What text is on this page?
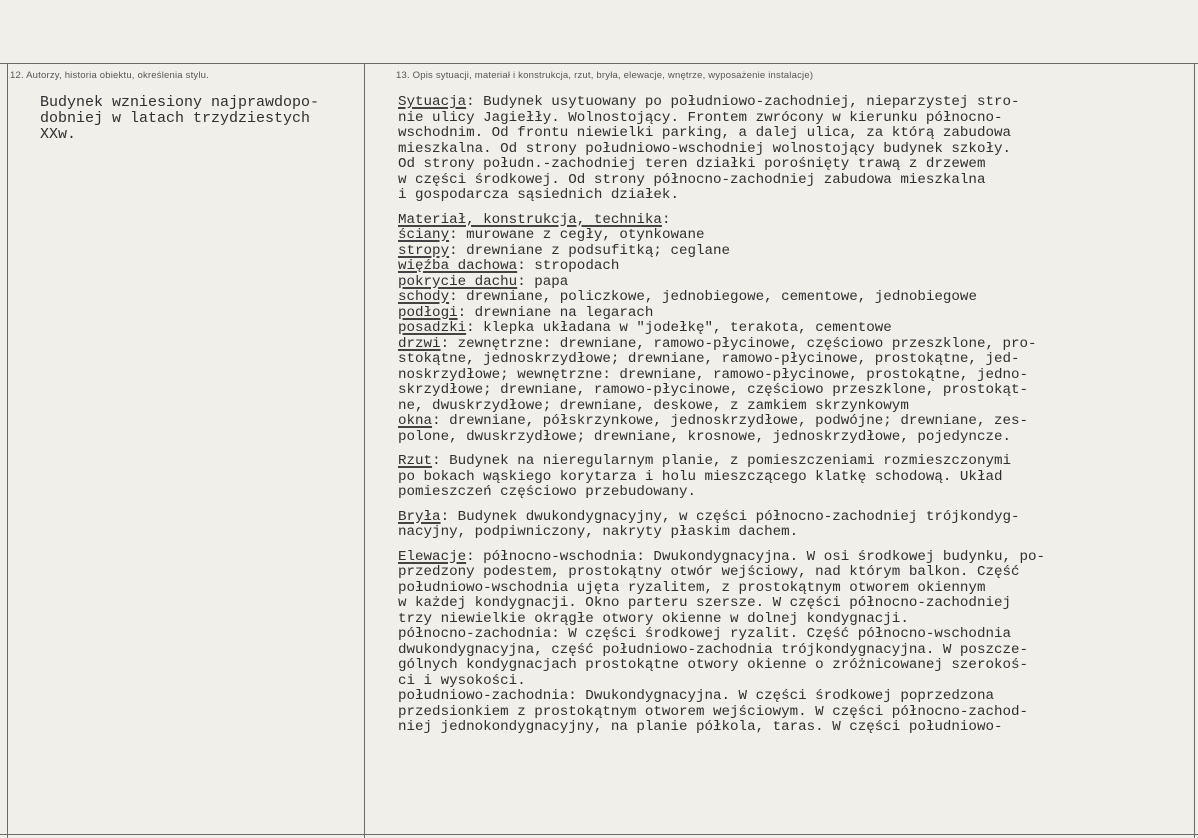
12. Autorzy, historia obiektu, określenia stylu.	13. Opis sytuacji, materiał i konstrukcja, rzut, bryła, elewacje, wnętrze, wyposażenie instalacje)
Budynek wzniesiony najprawdopo-
dobniej w latach trzydziestych
XXw.
Sytuacja: Budynek usytuowany po południowo-zachodniej, nieparzystej stro-
nie ulicy Jagiełły. Wolnostojący. Frontem zwrócony w kierunku północno-
wschodnim. Od frontu niewielki parking, a dalej ulica, za którą zabudowa
mieszkalna. Od strony południowo-wschodniej wolnostojący budynek szkoły.
Od strony połudn.-zachodniej teren działki porośnięty trawą z drzewem
w części środkowej. Od strony północno-zachodniej zabudowa mieszkalna
i gospodarcza sąsiednich działek.
Materiał, konstrukcja, technika:
ściany: murowane z cegły, otynkowane
stropy: drewniane z podsufitką; ceglane
więźba dachowa: stropodach
pokrycie dachu: papa
schody: drewniane, policzkowe, jednobiegowe, cementowe, jednobiegowe
podłogi: drewniane na legarach
posadzki: klepka układana w "jodełkę", terakota, cementowe
drzwi: zewnętrzne: drewniane, ramowo-płycinowe, częściowo przeszklone, pro-
stokątne, jednoskrzydłowe; drewniane, ramowo-płycinowe, prostokątne, jed-
noskrzydłowe; wewnętrzne: drewniane, ramowo-płycinowe, prostokątne, jedno-
skrzydłowe; drewniane, ramowo-płycinowe, częściowo przeszklone, prostokąt-
ne, dwuskrzydłowe; drewniane, deskowe, z zamkiem skrzynkowym
okna: drewniane, półskrzynkowe, jednoskrzydłowe, podwójne; drewniane, zes-
polone, dwuskrzydłowe; drewniane, krosnowe, jednoskrzydłowe, pojedyncze.
Rzut: Budynek na nieregularnym planie, z pomieszczeniami rozmieszczonymi
po bokach wąskiego korytarza i holu mieszczącego klatkę schodową. Układ
pomieszczeń częściowo przebudowany.
Bryła: Budynek dwukondygnacyjny, w części północno-zachodniej trójkondyg-
nacyjny, podpiwniczony, nakryty płaskim dachem.
Elewacje: północno-wschodnia: Dwukondygnacyjna. W osi środkowej budynku, po-
przedzony podestem, prostokątny otwór wejściowy, nad którym balkon. Część
południowo-wschodnia ujęta ryzalitem, z prostokątnym otworem okiennym
w każdej kondygnacji. Okno parteru szersze. W części północno-zachodniej
trzy niewielkie okrągłe otwory okienne w dolnej kondygnacji.
północno-zachodnia: W części środkowej ryzalit. Część północno-wschodnia
dwukondygnacyjna, część południowo-zachodnia trójkondygnacyjna. W poszcze-
gólnych kondygnacjach prostokątne otwory okienne o zróżnicowanej szerokoś-
ci i wysokości.
południowo-zachodnia: Dwukondygnacyjna. W części środkowej poprzedzona
przedsionkiem z prostokątnym otworem wejściowym. W części północno-zachod-
niej jednokondygnacyjny, na planie półkola, taras. W części południowo-
